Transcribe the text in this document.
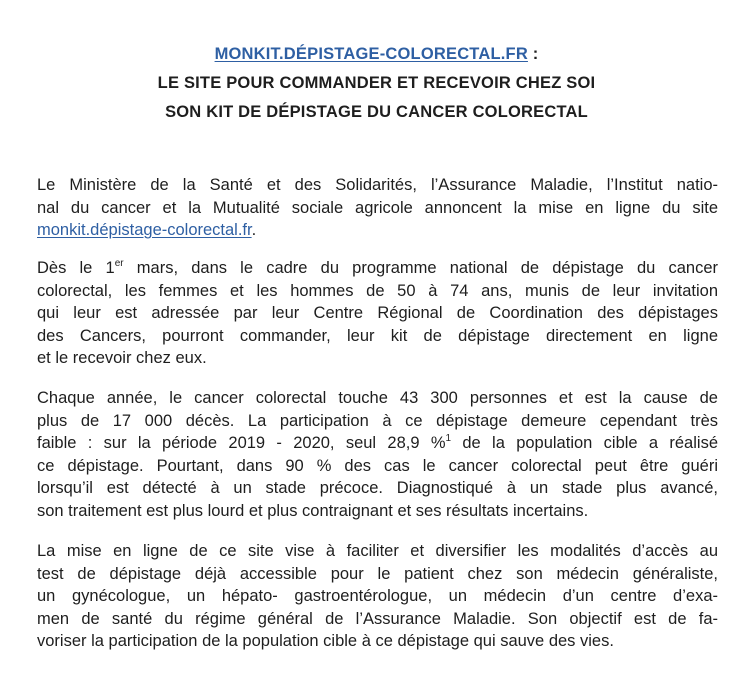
MONKIT.DÉPISTAGE-COLORECTAL.FR :
LE SITE POUR COMMANDER ET RECEVOIR CHEZ SOI
SON KIT DE DÉPISTAGE DU CANCER COLORECTAL
Le Ministère de la Santé et des Solidarités, l’Assurance Maladie, l’Institut natio-
nal du cancer et la Mutualité sociale agricole annoncent la mise en ligne du site
monkit.dépistage-colorectal.fr.
Dès le 1er mars, dans le cadre du programme national de dépistage du cancer
colorectal, les femmes et les hommes de 50 à 74 ans, munis de leur invitation
qui leur est adressée par leur Centre Régional de Coordination des dépistages
des Cancers, pourront commander, leur kit de dépistage directement en ligne
et le recevoir chez eux.
Chaque année, le cancer colorectal touche 43 300 personnes et est la cause de
plus de 17 000 décès. La participation à ce dépistage demeure cependant très
faible : sur la période 2019 - 2020, seul 28,9 %$^1$ de la population cible a réalisé
ce dépistage. Pourtant, dans 90 % des cas le cancer colorectal peut être guéri
lorsqu’il est détecté à un stade précoce. Diagnostiqué à un stade plus avancé,
son traitement est plus lourd et plus contraignant et ses résultats incertains.
La mise en ligne de ce site vise à faciliter et diversifier les modalités d’accès au
test de dépistage déjà accessible pour le patient chez son médecin généraliste,
un gynécologue, un hépato- gastroentérologue, un médecin d’un centre d’exa-
men de santé du régime général de l’Assurance Maladie. Son objectif est de fa-
voriser la participation de la population cible à ce dépistage qui sauve des vies.
